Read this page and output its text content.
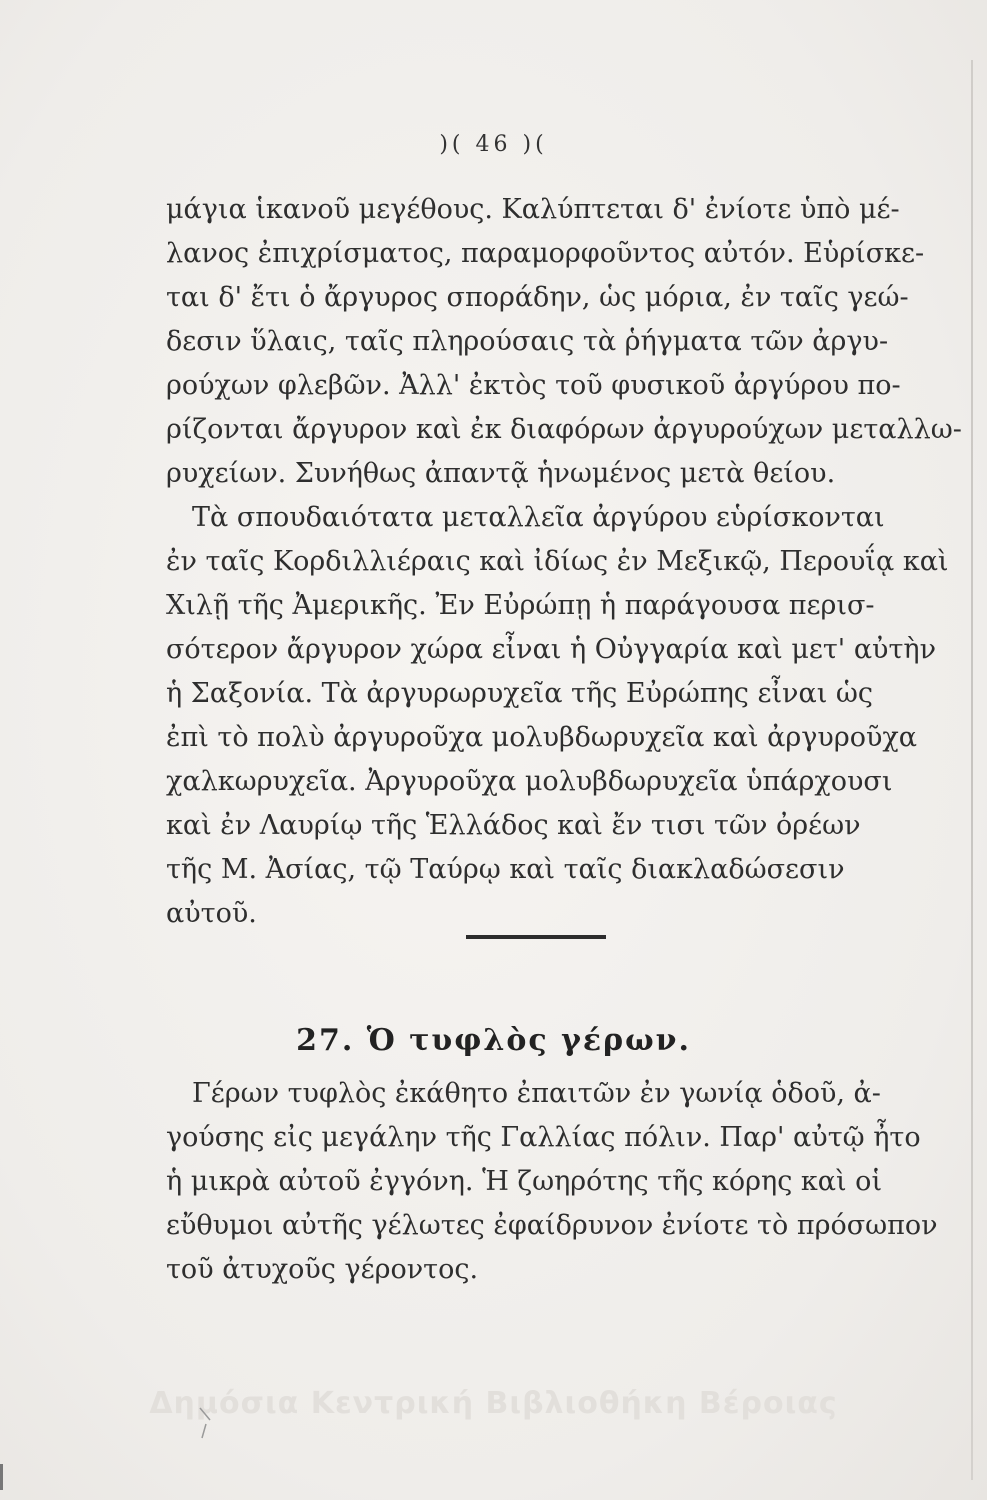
)( 46 )(
μάγια ἱκανοῦ μεγέθους. Καλύπτεται δ' ἐνίοτε ὑπὸ μέ-
λανος ἐπιχρίσματος, παραμορφοῦντος αὐτόν. Εὑρίσκε-
ται δ' ἔτι ὁ ἄργυρος σποράδην, ὡς μόρια, ἐν ταῖς γεώ-
δεσιν ὕλαις, ταῖς πληρούσαις τὰ ῥήγματα τῶν ἀργυ-
ρούχων φλεβῶν. Ἀλλ' ἐκτὸς τοῦ φυσικοῦ ἀργύρου πο-
ρίζονται ἄργυρον καὶ ἐκ διαφόρων ἀργυρούχων μεταλλω-
ρυχείων. Συνήθως ἀπαντᾷ ἡνωμένος μετὰ θείου.
Τὰ σπουδαιότατα μεταλλεῖα ἀργύρου εὑρίσκονται
ἐν ταῖς Κορδιλλιέραις καὶ ἰδίως ἐν Μεξικῷ, Περουΐᾳ καὶ
Χιλῇ τῆς Ἀμερικῆς. Ἐν Εὐρώπῃ ἡ παράγουσα περισ-
σότερον ἄργυρον χώρα εἶναι ἡ Οὐγγαρία καὶ μετ' αὐτὴν
ἡ Σαξονία. Τὰ ἀργυρωρυχεῖα τῆς Εὐρώπης εἶναι ὡς
ἐπὶ τὸ πολὺ ἀργυροῦχα μολυβδωρυχεῖα καὶ ἀργυροῦχα
χαλκωρυχεῖα. Ἀργυροῦχα μολυβδωρυχεῖα ὑπάρχουσι
καὶ ἐν Λαυρίῳ τῆς Ἑλλάδος καὶ ἔν τισι τῶν ὀρέων
τῆς Μ. Ἀσίας, τῷ Ταύρῳ καὶ ταῖς διακλαδώσεσιν
αὐτοῦ.
27. Ὁ τυφλὸς γέρων.
Γέρων τυφλὸς ἐκάθητο ἐπαιτῶν ἐν γωνίᾳ ὁδοῦ, ἀ-
γούσης εἰς μεγάλην τῆς Γαλλίας πόλιν. Παρ' αὐτῷ ἦτο
ἡ μικρὰ αὐτοῦ ἐγγόνη. Ἡ ζωηρότης τῆς κόρης καὶ οἱ
εὔθυμοι αὐτῆς γέλωτες ἐφαίδρυνον ἐνίοτε τὸ πρόσωπον
τοῦ ἀτυχοῦς γέροντος.
Δημόσια Κεντρική Βιβλιοθήκη Βέροιας
